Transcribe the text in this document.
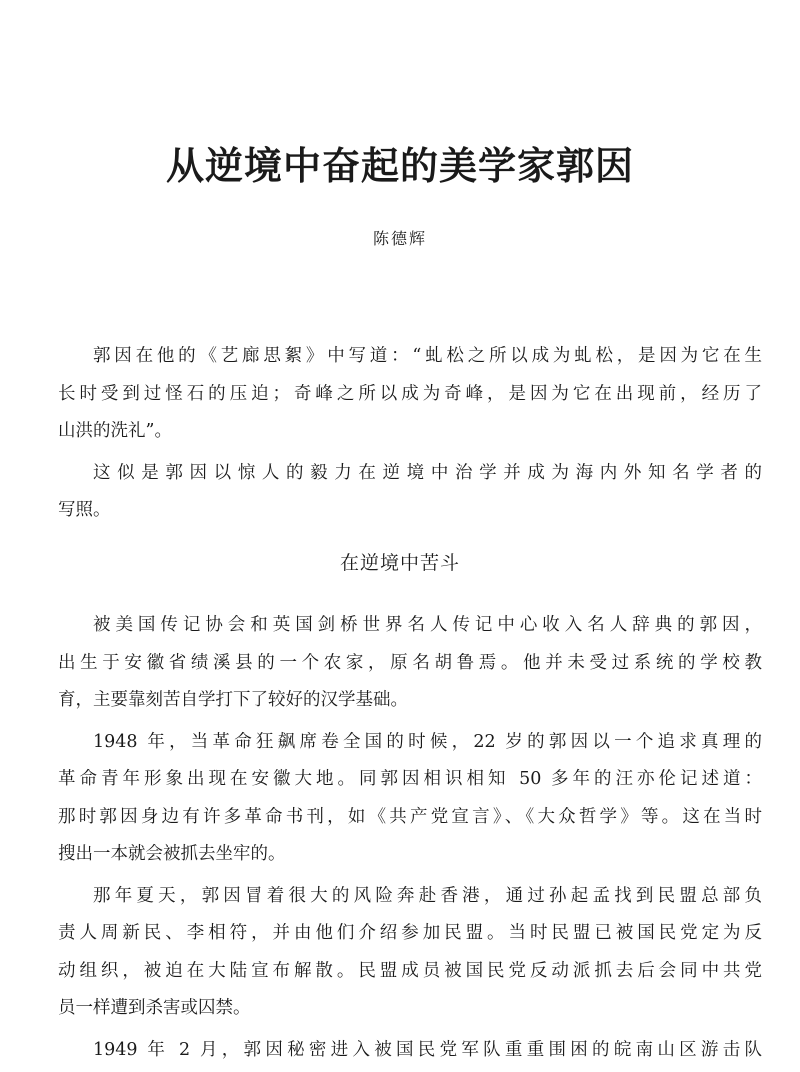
从逆境中奋起的美学家郭因
陈德辉
郭因在他的《艺廊思絮》中写道：“虬松之所以成为虬松，是因为它在生
长时受到过怪石的压迫；奇峰之所以成为奇峰，是因为它在出现前，经历了
山洪的洗礼”。
这似是郭因以惊人的毅力在逆境中治学并成为海内外知名学者的
写照。
在逆境中苦斗
被美国传记协会和英国剑桥世界名人传记中心收入名人辞典的郭因，
出生于安徽省绩溪县的一个农家，原名胡鲁焉。他并未受过系统的学校教
育，主要靠刻苦自学打下了较好的汉学基础。
1948 年，当革命狂飙席卷全国的时候，22 岁的郭因以一个追求真理的
革命青年形象出现在安徽大地。同郭因相识相知 50 多年的汪亦伦记述道：
那时郭因身边有许多革命书刊，如《共产党宣言》、《大众哲学》等。这在当时
搜出一本就会被抓去坐牢的。
那年夏天，郭因冒着很大的风险奔赴香港，通过孙起孟找到民盟总部负
责人周新民、李相符，并由他们介绍参加民盟。当时民盟已被国民党定为反
动组织，被迫在大陆宣布解散。民盟成员被国民党反动派抓去后会同中共党
员一样遭到杀害或囚禁。
1949 年 2 月，郭因秘密进入被国民党军队重重围困的皖南山区游击队
